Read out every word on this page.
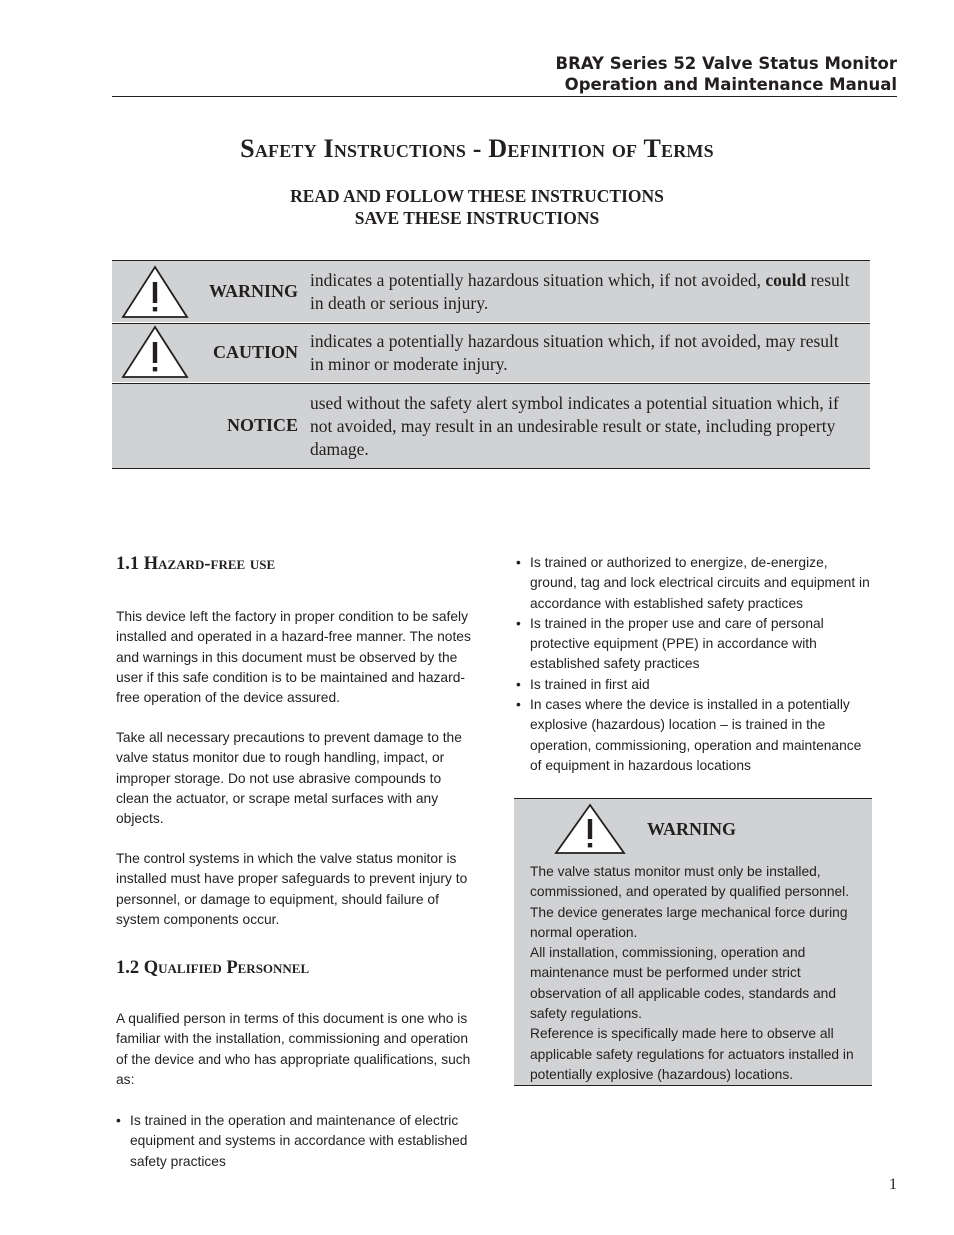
BRAY Series 52 Valve Status Monitor
Operation and Maintenance Manual
Safety Instructions - Definition of Terms
READ AND FOLLOW THESE INSTRUCTIONS
SAVE THESE INSTRUCTIONS
WARNING
indicates a potentially hazardous situation which, if not avoided, could result in death or serious injury.
CAUTION
indicates a potentially hazardous situation which, if not avoided, may result in minor or moderate injury.
NOTICE
used without the safety alert symbol indicates a potential situation which, if not avoided, may result in an undesirable result or state, including property damage.
1.1 Hazard-free use
This device left the factory in proper condition to be safely installed and operated in a hazard-free manner. The notes and warnings in this document must be observed by the user if this safe condition is to be maintained and hazard-free operation of the device assured.
Take all necessary precautions to prevent damage to the valve status monitor due to rough handling, impact, or improper storage. Do not use abrasive compounds to clean the actuator, or scrape metal surfaces with any objects.
The control systems in which the valve status monitor is installed must have proper safeguards to prevent injury to personnel, or damage to equipment, should failure of system components occur.
1.2 Qualified Personnel
A qualified person in terms of this document is one who is familiar with the installation, commissioning and operation of the device and who has appropriate qualifications, such as:
• Is trained in the operation and maintenance of electric equipment and systems in accordance with established safety practices
• Is trained or authorized to energize, de-energize, ground, tag and lock electrical circuits and equipment in accordance with established safety practices
• Is trained in the proper use and care of personal protective equipment (PPE) in accordance with established safety practices
• Is trained in first aid
• In cases where the device is installed in a potentially explosive (hazardous) location – is trained in the operation, commissioning, operation and maintenance of equipment in hazardous locations
WARNING
The valve status monitor must only be installed, commissioned, and operated by qualified personnel. The device generates large mechanical force during normal operation.
All installation, commissioning, operation and maintenance must be performed under strict observation of all applicable codes, standards and safety regulations.
Reference is specifically made here to observe all applicable safety regulations for actuators installed in potentially explosive (hazardous) locations.
1
